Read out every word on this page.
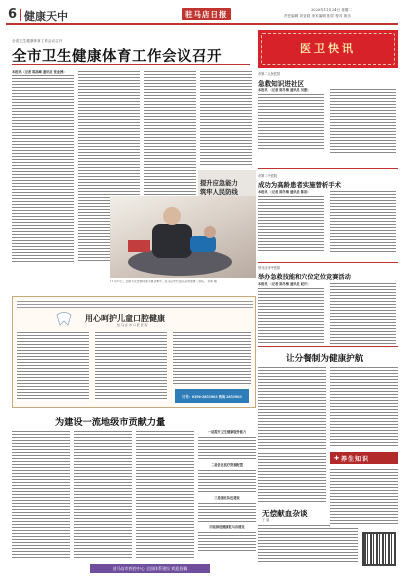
6 健康天中	驻马店日报	2020年11月24日 星期二
责任编辑 刘亚莉 美术编辑 阳洋 校对 黄乐
全省卫生健康体育工作会议召开
全市卫生健康体育工作会议召开
本报讯（记者 陈高峰 通讯员 张金洲）
提升应急能力
筑牢人民防线
11月21日，全国大众急救技能大赛决赛中，驻马店市代表队获得团体二等奖。 李新 摄
医卫快讯
市第二人民医院
急救知识进社区
本报讯 （记者 陈冬梅 通讯员 吴蕾）
市第二中医院
成功为高龄患者实施替析手术
本报讯 （记者 陈冬梅 通讯员 陈景）
驻马店市中医院
举办急救技能和穴位定位竞赛活动
本报讯 （记者 陈冬梅 通讯员 赵开）
用心呵护儿童口腔健康
驻 马 店 市 口 腔 医 院
订号：0396-2851903 咨询 2851903
为建设一流地级市贡献力量
一是提升卫生健康服务能力
二是优化医疗资源配置
三是强化队伍建设
四是推进健康驻马店建设
驻马店市疾控中心 全国体系建设 欢迎投稿
让分餐制为健康护航
✚ 养生知识
无偿献血杂谈
王 毅
